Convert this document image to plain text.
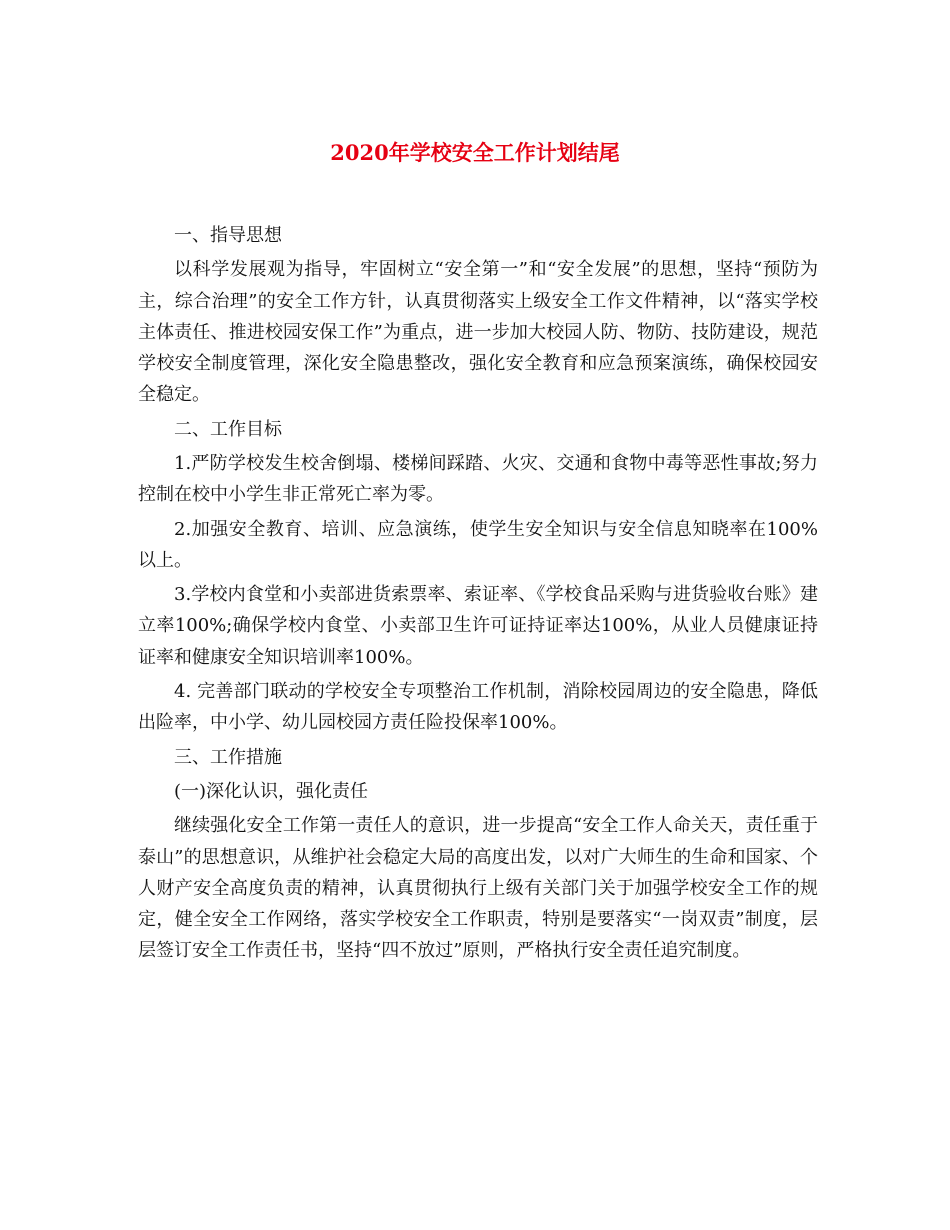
2020年学校安全工作计划结尾
一、指导思想
以科学发展观为指导，牢固树立“安全第一”和“安全发展”的思想，坚持“预防为主，综合治理”的安全工作方针，认真贯彻落实上级安全工作文件精神，以“落实学校主体责任、推进校园安保工作”为重点，进一步加大校园人防、物防、技防建设，规范学校安全制度管理，深化安全隐患整改，强化安全教育和应急预案演练，确保校园安全稳定。
二、工作目标
1.严防学校发生校舍倒塌、楼梯间踩踏、火灾、交通和食物中毒等恶性事故;努力控制在校中小学生非正常死亡率为零。
2.加强安全教育、培训、应急演练，使学生安全知识与安全信息知晓率在100%以上。
3.学校内食堂和小卖部进货索票率、索证率、《学校食品采购与进货验收台账》建立率100%;确保学校内食堂、小卖部卫生许可证持证率达100%，从业人员健康证持证率和健康安全知识培训率100%。
4. 完善部门联动的学校安全专项整治工作机制，消除校园周边的安全隐患，降低出险率，中小学、幼儿园校园方责任险投保率100%。
三、工作措施
(一)深化认识，强化责任
继续强化安全工作第一责任人的意识，进一步提高“安全工作人命关天，责任重于泰山”的思想意识，从维护社会稳定大局的高度出发，以对广大师生的生命和国家、个人财产安全高度负责的精神，认真贯彻执行上级有关部门关于加强学校安全工作的规定，健全安全工作网络，落实学校安全工作职责，特别是要落实“一岗双责”制度，层层签订安全工作责任书，坚持“四不放过”原则，严格执行安全责任追究制度。
